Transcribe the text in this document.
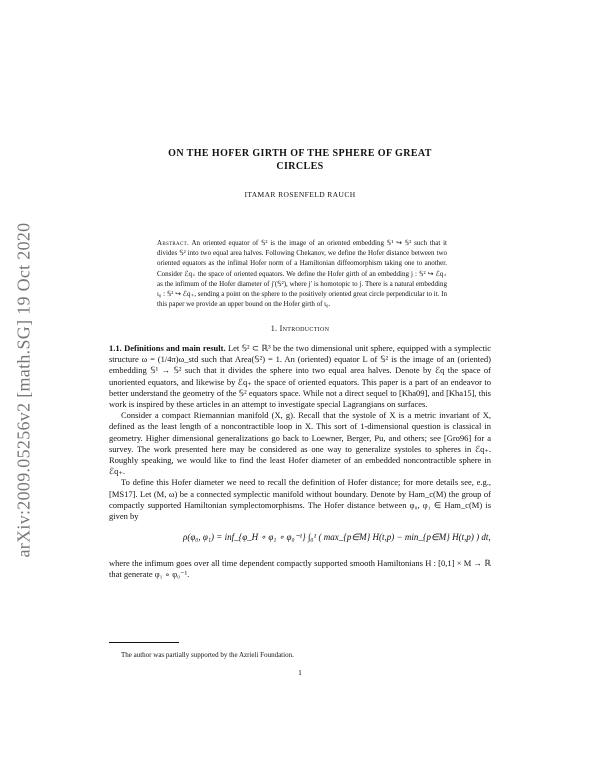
arXiv:2009.05256v2 [math.SG] 19 Oct 2020
ON THE HOFER GIRTH OF THE SPHERE OF GREAT
CIRCLES
ITAMAR ROSENFELD RAUCH
Abstract. An oriented equator of 𝕊² is the image of an oriented embedding 𝕊¹ ↪ 𝕊² such that it divides 𝕊² into two equal area halves. Following Chekanov, we define the Hofer distance between two oriented equators as the infimal Hofer norm of a Hamiltonian diffeomorphism taking one to another. Consider ℰq₊ the space of oriented equators. We define the Hofer girth of an embedding j : 𝕊² ↪ ℰq₊ as the infimum of the Hofer diameter of j′(𝕊²), where j′ is homotopic to j. There is a natural embedding ι₀ : 𝕊² ↪ ℰq₊, sending a point on the sphere to the positively oriented great circle perpendicular to it. In this paper we provide an upper bound on the Hofer girth of ι₀.
1. Introduction

1.1. Definitions and main result. Let 𝕊² ⊂ ℝ³ be the two dimensional unit sphere, equipped with a symplectic structure ω = (1/4π)ω_std such that Area(𝕊²) = 1. An (oriented) equator L of 𝕊² is the image of an (oriented) embedding 𝕊¹ → 𝕊² such that it divides the sphere into two equal area halves. Denote by ℰq the space of unoriented equators, and likewise by ℰq₊ the space of oriented equators. This paper is a part of an endeavor to better understand the geometry of the 𝕊² equators space. While not a direct sequel to [Kha09], and [Kha15], this work is inspired by these articles in an attempt to investigate special Lagrangians on surfaces.

Consider a compact Riemannian manifold (X, g). Recall that the systole of X is a metric invariant of X, defined as the least length of a noncontractible loop in X. This sort of 1-dimensional question is classical in geometry. Higher dimensional generalizations go back to Loewner, Berger, Pu, and others; see [Gro96] for a survey. The work presented here may be considered as one way to generalize systoles to spheres in ℰq₊. Roughly speaking, we would like to find the least Hofer diameter of an embedded noncontractible sphere in ℰq₊.

To define this Hofer diameter we need to recall the definition of Hofer distance; for more details see, e.g., [MS17]. Let (M, ω) be a connected symplectic manifold without boundary. Denote by Ham_c(M) the group of compactly supported Hamiltonian symplectomorphisms. The Hofer distance between φ₀, φ₁ ∈ Ham_c(M) is given by

ρ(φ₀, φ₁) = inf_{φ_H ∘ φ₁ ∘ φ₀⁻¹} ∫₀¹ ( max_{p∈M} H(t,p) − min_{p∈M} H(t,p) ) dt,

where the infimum goes over all time dependent compactly supported smooth Hamiltonians H : [0,1] × M → ℝ that generate φ₁ ∘ φ₀⁻¹.

The author was partially supported by the Azrieli Foundation.
1
